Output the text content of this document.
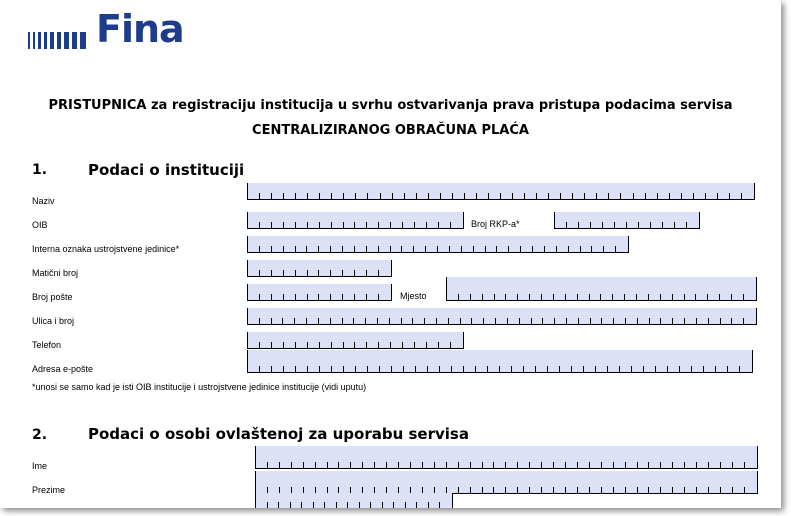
Fina
PRISTUPNICA za registraciju institucija u svrhu ostvarivanja prava pristupa podacima servisa
CENTRALIZIRANOG OBRAČUNA PLAĆA
1.	Podaci o instituciji
Naziv
OIB	Broj RKP-a*
Interna oznaka ustrojstvene jedinice*
Matični broj
Broj pošte	Mjesto
Ulica i broj
Telefon
Adresa e-pošte
*unosi se samo kad je isti OIB institucije i ustrojstvene jedinice institucije (vidi uputu)
2.	Podaci o osobi ovlaštenoj za uporabu servisa
Ime
Prezime
